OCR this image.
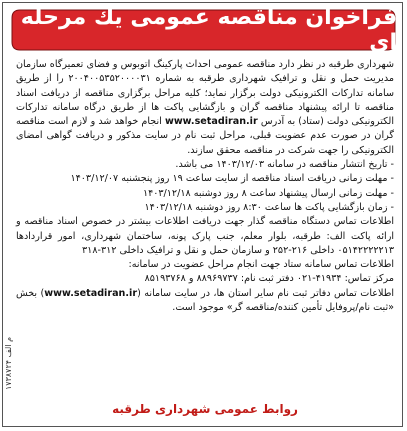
۱۷۳۸۷۲۴ م الف
فراخوان مناقصه عمومی یك مرحله ای

شهرداری طرقبه در نظر دارد مناقصه عمومی احداث پارکینگ اتوبوس و فضای تعمیرگاه سازمان مدیریت حمل و نقل و ترافیک شهرداری طرقبه به شماره ۲۰۰۴۰۰۵۳۵۲۰۰۰۰۳۱ را از طریق سامانه تدارکات الکترونیکی دولت برگزار نماید؛ کلیه مراحل برگزاری مناقصه از دریافت اسناد مناقصه تا ارائه پیشنهاد مناقصه گران و بازگشایی پاکت ها از طریق درگاه سامانه تدارکات الکترونیکی دولت (ستاد) به آدرس www.setadiran.ir انجام خواهد شد و لازم است مناقصه گران در صورت عدم عضویت قبلی، مراحل ثبت نام در سایت مذکور و دریافت گواهی امضای الکترونیکی را جهت شرکت در مناقصه محقق سازند.

- تاریخ انتشار مناقصه در سامانه ۱۴۰۳/۱۲/۰۳ می باشد.
- مهلت زمانی دریافت اسناد مناقصه از سایت ساعت ۱۹ روز پنجشنبه ۱۴۰۳/۱۲/۰۷
- مهلت زمانی ارسال پیشنهاد ساعت ۸ روز دوشنبه ۱۴۰۳/۱۲/۱۸
- زمان بازگشایی پاکت ها ساعت ۸:۳۰ روز دوشنبه ۱۴۰۳/۱۲/۱۸

اطلاعات تماس دستگاه مناقصه گذار جهت دریافت اطلاعات بیشتر در خصوص اسناد مناقصه و ارائه پاکت الف: طرقبه، بلوار معلم، جنب پارک پونه، ساختمان شهرداری، امور قراردادها ۰۵۱۴۲۲۲۲۲۱۳ داخلی ۲۱۶-۲۵۲ و سازمان حمل و نقل و ترافیک داخلی ۳۱۲-۳۱۸

اطلاعات تماس سامانه ستاد جهت انجام مراحل عضویت در سامانه:

مرکز تماس: ۴۱۹۳۴-۰۲۱ دفتر ثبت نام: ۸۸۹۶۹۷۳۷ و ۸۵۱۹۳۷۶۸

اطلاعات تماس دفاتر ثبت نام سایر استان ها، در سایت سامانه (www.setadiran.ir) بخش «ثبت نام/پروفایل تأمین کننده/مناقصه گر» موجود است.

روابط عمومی شهرداری طرقبه
